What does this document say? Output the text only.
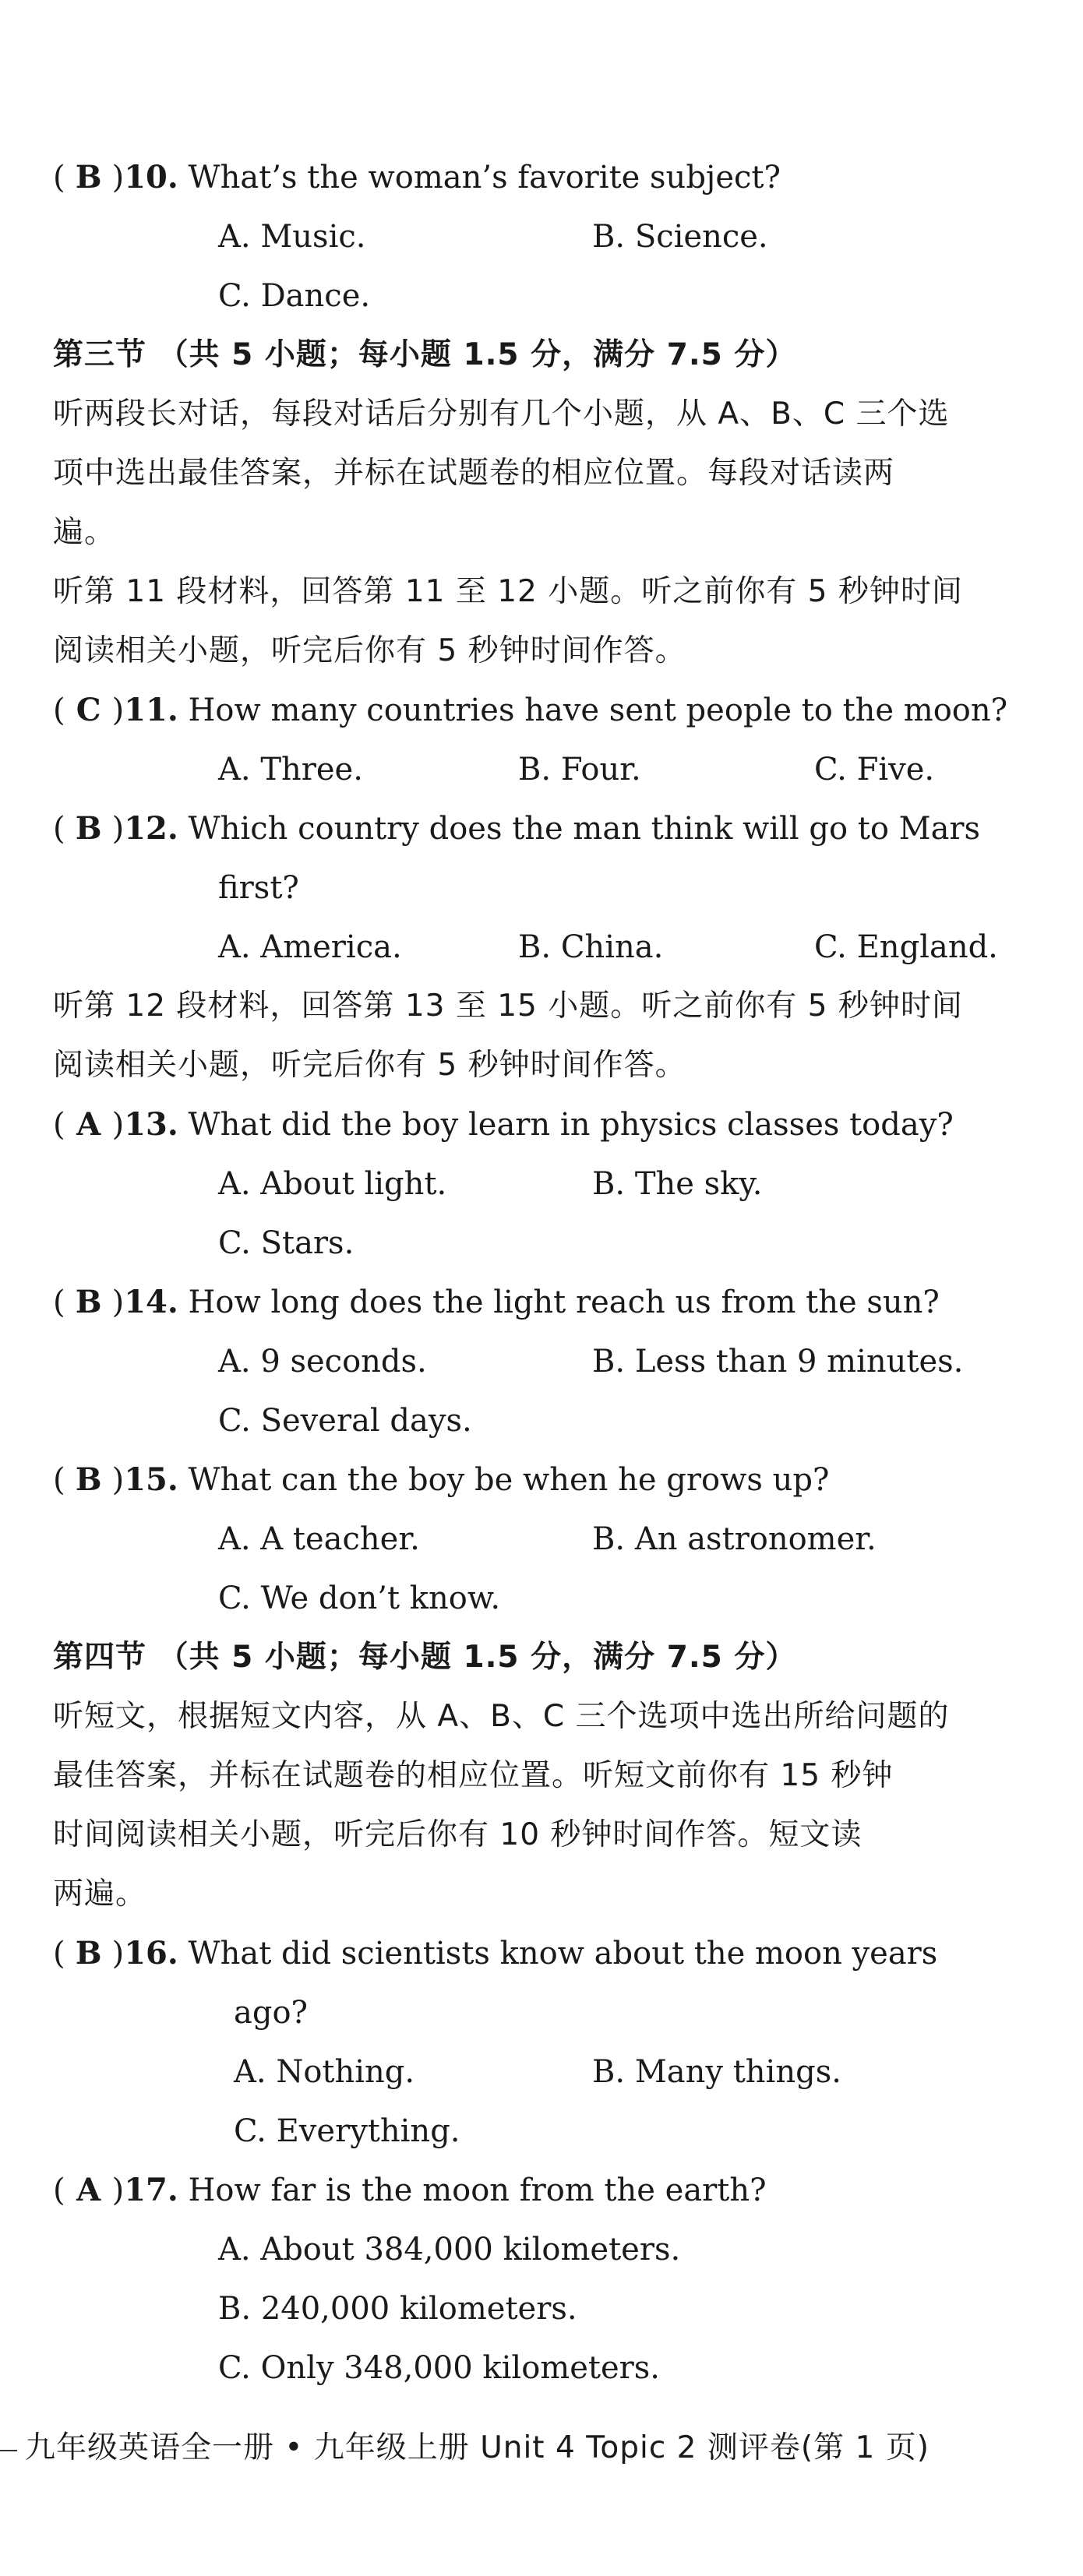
( B )10. What’s the woman’s favorite subject?
A. Music.	B. Science.
C. Dance.
第三节 （共 5 小题；每小题 1.5 分，满分 7.5 分）
听两段长对话，每段对话后分别有几个小题，从 A、B、C 三个选
项中选出最佳答案，并标在试题卷的相应位置。每段对话读两
遍。
听第 11 段材料，回答第 11 至 12 小题。听之前你有 5 秒钟时间
阅读相关小题，听完后你有 5 秒钟时间作答。
( C )11. How many countries have sent people to the moon?
A. Three.	B. Four.	C. Five.
( B )12. Which country does the man think will go to Mars
first?
A. America.	B. China.	C. England.
听第 12 段材料，回答第 13 至 15 小题。听之前你有 5 秒钟时间
阅读相关小题，听完后你有 5 秒钟时间作答。
( A )13. What did the boy learn in physics classes today?
A. About light.	B. The sky.
C. Stars.
( B )14. How long does the light reach us from the sun?
A. 9 seconds.	B. Less than 9 minutes.
C. Several days.
( B )15. What can the boy be when he grows up?
A. A teacher.	B. An astronomer.
C. We don’t know.
第四节 （共 5 小题；每小题 1.5 分，满分 7.5 分）
听短文，根据短文内容，从 A、B、C 三个选项中选出所给问题的
最佳答案，并标在试题卷的相应位置。听短文前你有 15 秒钟
时间阅读相关小题，听完后你有 10 秒钟时间作答。短文读
两遍。
( B )16. What did scientists know about the moon years
ago?
A. Nothing.	B. Many things.
C. Everything.
( A )17. How far is the moon from the earth?
A. About 384,000 kilometers.
B. 240,000 kilometers.
C. Only 348,000 kilometers.
九年级英语全一册 • 九年级上册 Unit 4 Topic 2 测评卷(第 1 页)
